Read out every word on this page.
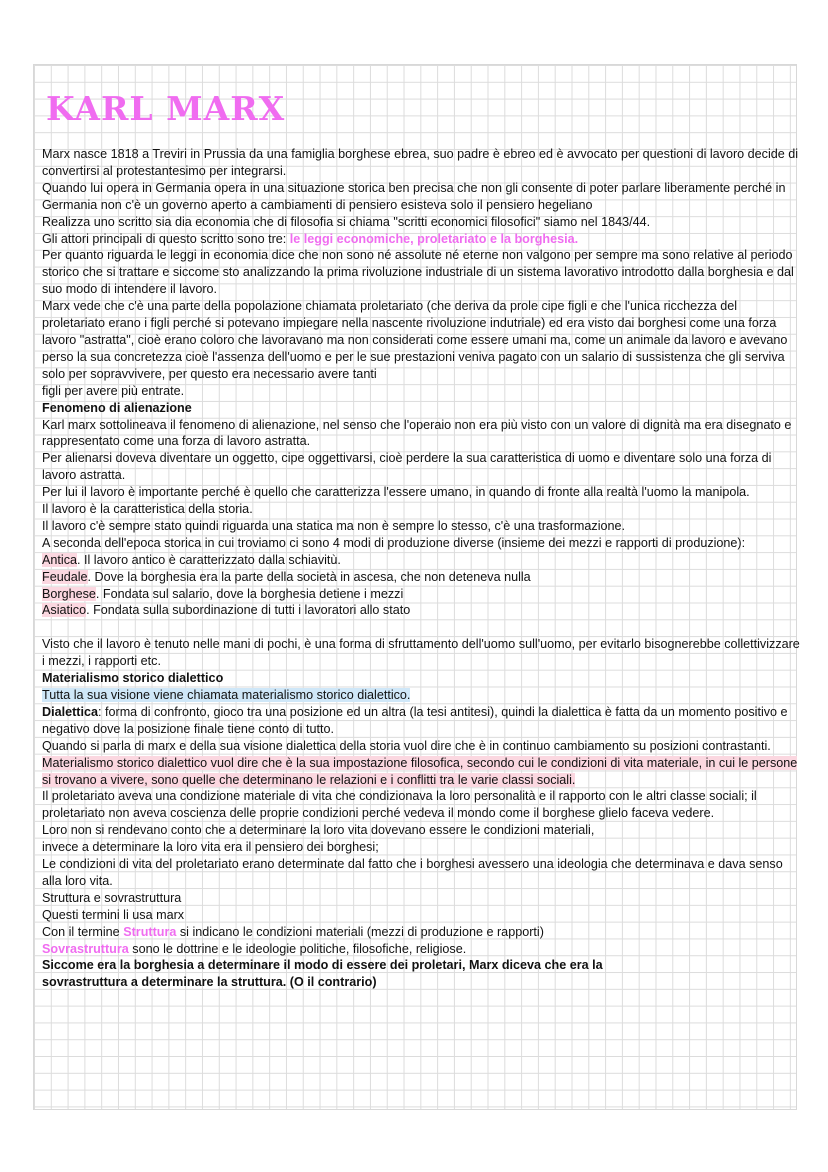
KARL MARX

Marx nasce 1818 a Treviri in Prussia da una famiglia borghese ebrea, suo padre è ebreo ed è avvocato per questioni di lavoro decide di convertirsi al protestantesimo per integrarsi.

Quando lui opera in Germania opera in una situazione storica ben precisa che non gli consente di poter parlare liberamente perché in Germania non c'è un governo aperto a cambiamenti di pensiero esisteva solo il pensiero hegeliano

Realizza uno scritto sia dia economia che di filosofia si chiama "scritti economici filosofici" siamo nel 1843/44.

Gli attori principali di questo scritto sono tre: le leggi economiche, proletariato e la borghesia.

Per quanto riguarda le leggi in economia dice che non sono né assolute né eterne non valgono per sempre ma sono relative al periodo storico che si trattare e siccome sto analizzando la prima rivoluzione industriale di un sistema lavorativo introdotto dalla borghesia e dal suo modo di intendere il lavoro.

Marx vede che c'è una parte della popolazione chiamata proletariato (che deriva da prole cipe figli e che l'unica ricchezza del proletariato erano i figli perché si potevano impiegare nella nascente rivoluzione indutriale) ed era visto dai borghesi come una forza lavoro "astratta", cioè erano coloro che lavoravano ma non considerati come essere umani ma, come un animale da lavoro e avevano perso la sua concretezza cioè l'assenza dell'uomo e per le sue prestazioni veniva pagato con un salario di sussistenza che gli serviva solo per sopravvivere, per questo era necessario avere tanti

figli per avere più entrate.

Fenomeno di alienazione

Karl marx sottolineava il fenomeno di alienazione, nel senso che l'operaio non era più visto con un valore di dignità ma era disegnato e rappresentato come una forza di lavoro astratta.

Per alienarsi doveva diventare un oggetto, cipe oggettivarsi, cioè perdere la sua caratteristica di uomo e diventare solo una forza di lavoro astratta.

Per lui il lavoro è importante perché è quello che caratterizza l'essere umano, in quando di fronte alla realtà l'uomo la manipola.

Il lavoro è la caratteristica della storia.

Il lavoro c'è sempre stato quindi riguarda una statica ma non è sempre lo stesso, c'è una trasformazione.

A seconda dell'epoca storica in cui troviamo ci sono 4 modi di produzione diverse (insieme dei mezzi e rapporti di produzione):

Antica. Il lavoro antico è caratterizzato dalla schiavitù.

Feudale. Dove la borghesia era la parte della società in ascesa, che non deteneva nulla

Borghese. Fondata sul salario, dove la borghesia detiene i mezzi

Asiatico. Fondata sulla subordinazione di tutti i lavoratori allo stato

Visto che il lavoro è tenuto nelle mani di pochi, è una forma di sfruttamento dell'uomo sull'uomo, per evitarlo bisognerebbe collettivizzare i mezzi, i rapporti etc.

Materialismo storico dialettico

Tutta la sua visione viene chiamata materialismo storico dialettico.

Dialettica: forma di confronto, gioco tra una posizione ed un altra (la tesi antitesi), quindi la dialettica è fatta da un momento positivo e negativo dove la posizione finale tiene conto di tutto.

Quando si parla di marx e della sua visione dialettica della storia vuol dire che è in continuo cambiamento su posizioni contrastanti.

Materialismo storico dialettico vuol dire che è la sua impostazione filosofica, secondo cui le condizioni di vita materiale, in cui le persone si trovano a vivere, sono quelle che determinano le relazioni e i conflitti tra le varie classi sociali.

Il proletariato aveva una condizione materiale di vita che condizionava la loro personalità e il rapporto con le altri classe sociali; il proletariato non aveva coscienza delle proprie condizioni perché vedeva il mondo come il borghese glielo faceva vedere.

Loro non si rendevano conto che a determinare la loro vita dovevano essere le condizioni materiali,

invece a determinare la loro vita era il pensiero dei borghesi;

Le condizioni di vita del proletariato erano determinate dal fatto che i borghesi avessero una ideologia che determinava e dava senso alla loro vita.

Struttura e sovrastruttura

Questi termini li usa marx

Con il termine Struttura si indicano le condizioni materiali (mezzi di produzione e rapporti)

Sovrastruttura sono le dottrine e le ideologie politiche, filosofiche, religiose.

Siccome era la borghesia a determinare il modo di essere dei proletari, Marx diceva che era la sovrastruttura a determinare la struttura. (O il contrario)
